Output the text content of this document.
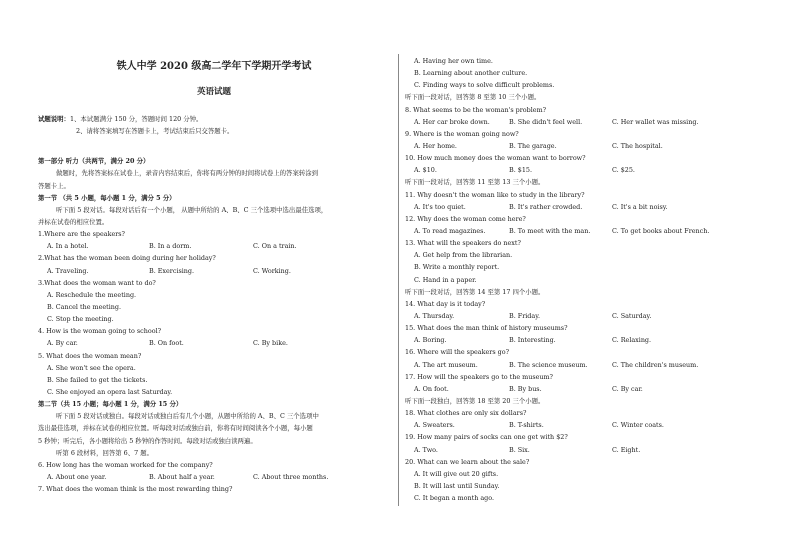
铁人中学 2020 级高二学年下学期开学考试
英语试题
试题说明：1、本试题满分 150 分，答题时间 120 分钟。
2、请将答案填写在答题卡上，考试结束后只交答题卡。
第一部分 听力（共两节，满分 20 分）
做题时，先将答案标在试卷上，录音内容结束后，你将有两分钟的时间将试卷上的答案转涂到
答题卡上。
第一节 （共 5 小题，每小题 1 分，满分 5 分）
听下面 5 段对话。每段对话后有一个小题， 从题中所给的 A、B、C 三个选项中选出最佳选项，
并标在试卷的相应位置。
1.Where are the speakers?
A. In a hotel.	B. In a dorm.	C. On a train.
2.What has the woman been doing during her holiday?
A. Traveling.	B. Exercising.	C. Working.
3.What does the woman want to do?
A. Reschedule the meeting.
B. Cancel the meeting.
C. Stop the meeting.
4. How is the woman going to school?
A. By car.	B. On foot.	C. By bike.
5. What does the woman mean?
A. She won't see the opera.
B. She failed to get the tickets.
C. She enjoyed an opera last Saturday.
第二节（共 15 小题；每小题 1 分，满分 15 分）
听下面 5 段对话或独白。每段对话或独白后有几个小题，从题中所给的 A、B、C 三个选项中
选出最佳选项，并标在试卷的相应位置。听每段对话或独白前，你将有时间阅读各个小题，每小题
5 秒钟；听完后，各小题将给出 5 秒钟的作答时间。每段对话或独白读两遍。
听第 6 段材料，回答第 6、7 题。
6. How long has the woman worked for the company?
A. About one year.	B. About half a year.	C. About three months.
7. What does the woman think is the most rewarding thing?
A. Having her own time.
B. Learning about another culture.
C. Finding ways to solve difficult problems.
听下面一段对话，回答第 8 至第 10 三个小题。
8. What seems to be the woman's problem?
A. Her car broke down.	B. She didn't feel well.	C. Her wallet was missing.
9. Where is the woman going now?
A. Her home.	B. The garage.	C. The hospital.
10. How much money does the woman want to borrow?
A. $10.	B. $15.	C. $25.
听下面一段对话，回答第 11 至第 13 三个小题。
11. Why doesn't the woman like to study in the library?
A. It's too quiet.	B. It's rather crowded.	C. It's a bit noisy.
12. Why does the woman come here?
A. To read magazines.	B. To meet with the man.	C. To get books about French.
13. What will the speakers do next?
A. Get help from the librarian.
B. Write a monthly report.
C. Hand in a paper.
听下面一段对话，回答第 14 至第 17 四个小题。
14. What day is it today?
A. Thursday.	B. Friday.	C. Saturday.
15. What does the man think of history museums?
A. Boring.	B. Interesting.	C. Relaxing.
16. Where will the speakers go?
A. The art museum.	B. The science museum.	C. The children's museum.
17. How will the speakers go to the museum?
A. On foot.	B. By bus.	C. By car.
听下面一段独白，回答第 18 至第 20 三个小题。
18. What clothes are only six dollars?
A. Sweaters.	B. T-shirts.	C. Winter coats.
19. How many pairs of socks can one get with $2?
A. Two.	B. Six.	C. Eight.
20. What can we learn about the sale?
A. It will give out 20 gifts.
B. It will last until Sunday.
C. It began a month ago.
